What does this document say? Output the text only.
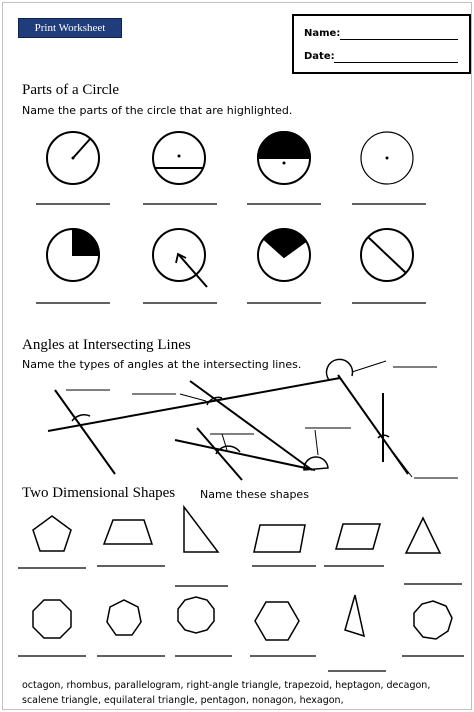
Print Worksheet	Name:
Date:
Parts of a Circle
Name the parts of the circle that are highlighted.
Angles at Intersecting Lines
Name the types of angles at the intersecting lines.
Two Dimensional Shapes Name these shapes
octagon, rhombus, parallelogram, right-angle triangle, trapezoid, heptagon, decagon, scalene triangle, equilateral triangle, pentagon, nonagon, hexagon,
